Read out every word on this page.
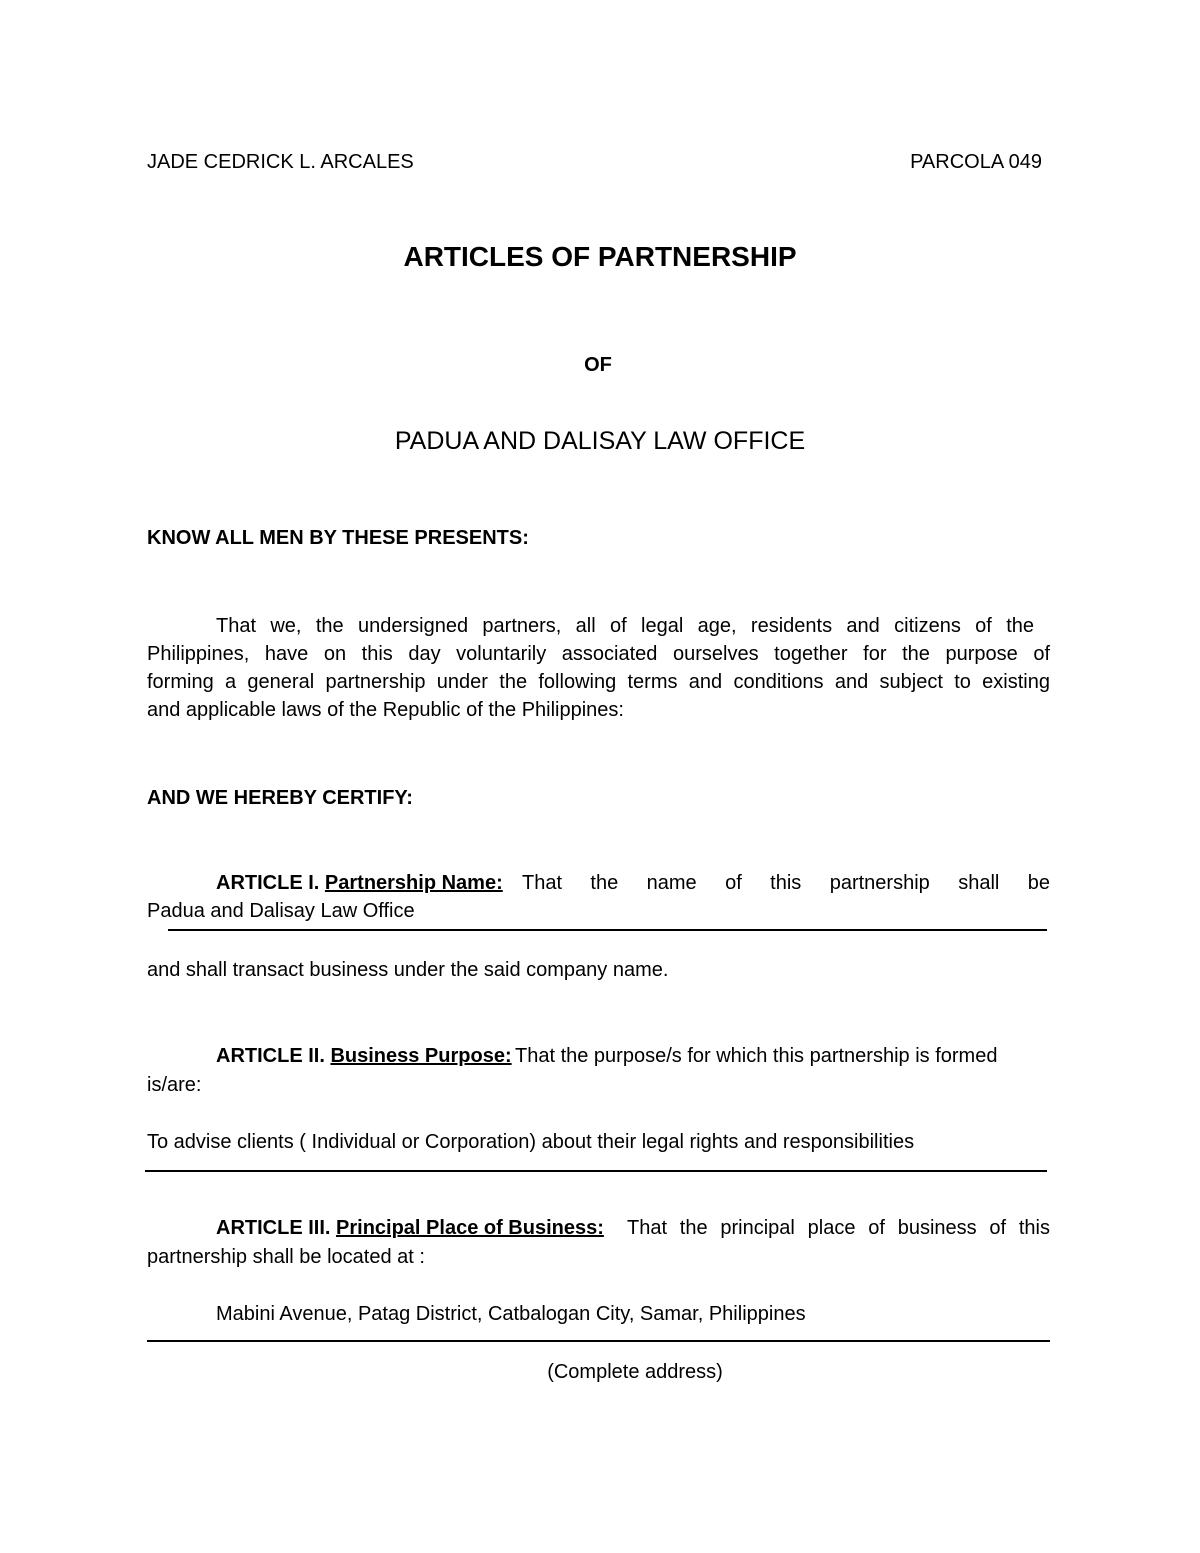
JADE CEDRICK L. ARCALES	PARCOLA 049
ARTICLES OF PARTNERSHIP
OF
PADUA AND DALISAY LAW OFFICE
KNOW ALL MEN BY THESE PRESENTS:
That we, the undersigned partners, all of legal age, residents and citizens of the
Philippines, have on this day voluntarily associated ourselves together for the purpose of
forming a general partnership under the following terms and conditions and subject to existing
and applicable laws of the Republic of the Philippines:
AND WE HEREBY CERTIFY:
ARTICLE I. Partnership Name: That the name of this partnership shall be
Padua and Dalisay Law Office
and shall transact business under the said company name.
ARTICLE II. Business Purpose: That the purpose/s for which this partnership is formed
is/are:
To advise clients ( Individual or Corporation) about their legal rights and responsibilities
ARTICLE III. Principal Place of Business: That the principal place of business of this
partnership shall be located at :
Mabini Avenue, Patag District, Catbalogan City, Samar, Philippines
(Complete address)
